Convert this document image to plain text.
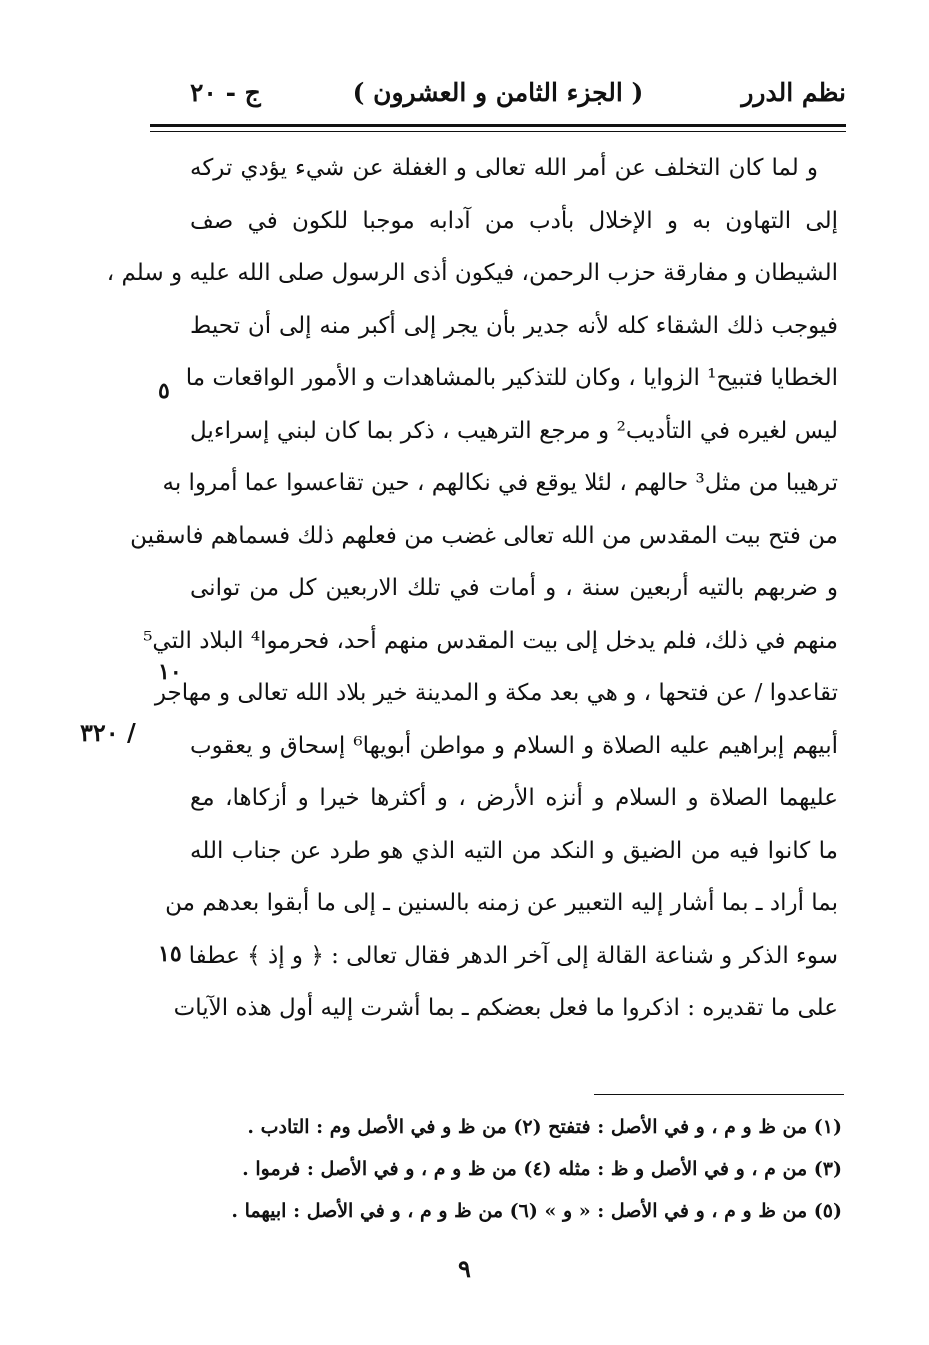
نظم الدرر
( الجزء الثامن و العشرون )
ج - ٢٠
و لما كان التخلف عن أمر الله تعالى و الغفلة عن شيء يؤدي تركه
إلى التهاون به و الإخلال بأدب من آدابه موجبا للكون في صف
الشيطان و مفارقة حزب الرحمن، فيكون أذى الرسول صلى الله عليه و سلم ،
فيوجب ذلك الشقاء كله لأنه جدير بأن يجر إلى أكبر منه إلى أن تحيط
الخطايا فتبيح¹ الزوايا ، وكان للتذكير بالمشاهدات و الأمور الواقعات ما
ليس لغيره في التأديب² و مرجع الترهيب ، ذكر بما كان لبني إسراءيل
ترهيبا من مثل³ حالهم ، لئلا يوقع في نكالهم ، حين تقاعسوا عما أمروا به
من فتح بيت المقدس من الله تعالى غضب من فعلهم ذلك فسماهم فاسقين
و ضربهم بالتيه أربعين سنة ، و أمات في تلك الاربعين كل من توانى
منهم في ذلك، فلم يدخل إلى بيت المقدس منهم أحد، فحرموا⁴ البلاد التي⁵
تقاعدوا / عن فتحها ، و هي بعد مكة و المدينة خير بلاد الله تعالى و مهاجر
أبيهم إبراهيم عليه الصلاة و السلام و مواطن أبويها⁶ إسحاق و يعقوب
عليهما الصلاة و السلام و أنزه الأرض ، و أكثرها خيرا و أزكاها، مع
ما كانوا فيه من الضيق و النكد من التيه الذي هو طرد عن جناب الله
بما أراد ـ بما أشار إليه التعبير عن زمنه بالسنين ـ إلى ما أبقوا بعدهم من
سوء الذكر و شناعة القالة إلى آخر الدهر فقال تعالى : ﴿ و إذ ﴾ عطفا
على ما تقديره : اذكروا ما فعل بعضكم ـ بما أشرت إليه أول هذه الآيات
٥
١٠
١٥
/ ٣٢٠
(١) من ظ و م ، و في الأصل : فتفتح (٢) من ظ و في الأصل وم : التادب .
(٣) من م ، و في الأصل و ظ : مثله (٤) من ظ و م ، و في الأصل : فرموا .
(٥) من ظ و م ، و في الأصل : « و » (٦) من ظ و م ، و في الأصل : ابيهما .
٩
